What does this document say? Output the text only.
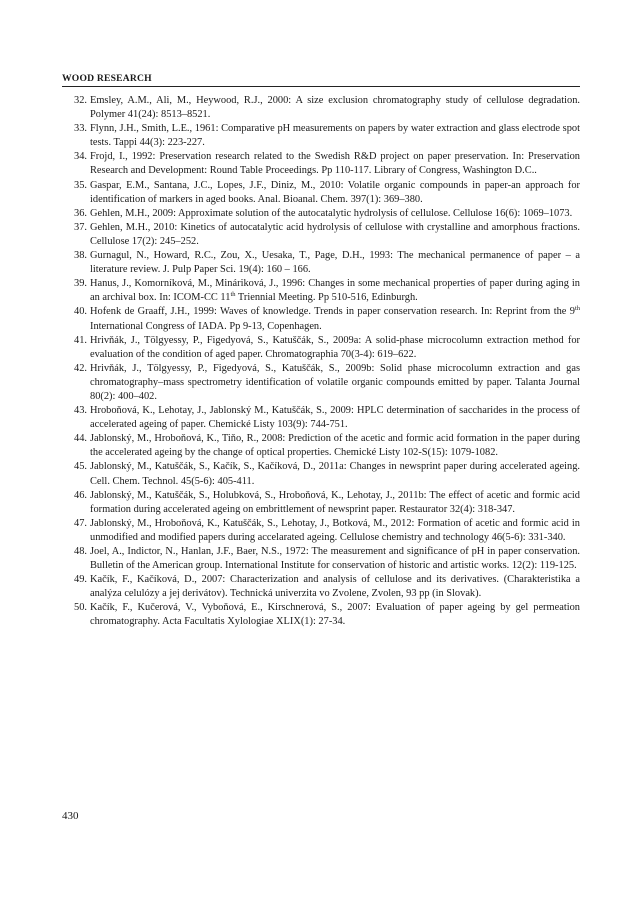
WOOD RESEARCH
32. Emsley, A.M., Ali, M., Heywood, R.J., 2000: A size exclusion chromatography study of cellulose degradation. Polymer 41(24): 8513–8521.
33. Flynn, J.H., Smith, L.E., 1961: Comparative pH measurements on papers by water extraction and glass electrode spot tests. Tappi 44(3): 223-227.
34. Frojd, I., 1992: Preservation research related to the Swedish R&D project on paper preservation. In: Preservation Research and Development: Round Table Proceedings. Pp 110-117. Library of Congress, Washington D.C..
35. Gaspar, E.M., Santana, J.C., Lopes, J.F., Diniz, M., 2010: Volatile organic compounds in paper-an approach for identification of markers in aged books. Anal. Bioanal. Chem. 397(1): 369–380.
36. Gehlen, M.H., 2009: Approximate solution of the autocatalytic hydrolysis of cellulose. Cellulose 16(6): 1069–1073.
37. Gehlen, M.H., 2010: Kinetics of autocatalytic acid hydrolysis of cellulose with crystalline and amorphous fractions. Cellulose 17(2): 245–252.
38. Gurnagul, N., Howard, R.C., Zou, X., Uesaka, T., Page, D.H., 1993: The mechanical permanence of paper – a literature review. J. Pulp Paper Sci. 19(4): 160 – 166.
39. Hanus, J., Komorníková, M., Mináriková, J., 1996: Changes in some mechanical properties of paper during aging in an archival box. In: ICOM-CC 11th Triennial Meeting. Pp 510-516, Edinburgh.
40. Hofenk de Graaff, J.H., 1999: Waves of knowledge. Trends in paper conservation research. In: Reprint from the 9th International Congress of IADA. Pp 9-13, Copenhagen.
41. Hrivňák, J., Tölgyessy, P., Figedyová, S., Katuščák, S., 2009a: A solid-phase microcolumn extraction method for evaluation of the condition of aged paper. Chromatographia 70(3-4): 619–622.
42. Hrivňák, J., Tölgyessy, P., Figedyová, S., Katuščák, S., 2009b: Solid phase microcolumn extraction and gas chromatography–mass spectrometry identification of volatile organic compounds emitted by paper. Talanta Journal 80(2): 400–402.
43. Hroboňová, K., Lehotay, J., Jablonský M., Katuščák, S., 2009: HPLC determination of saccharides in the process of accelerated ageing of paper. Chemické Listy 103(9): 744-751.
44. Jablonský, M., Hroboňová, K., Tiňo, R., 2008: Prediction of the acetic and formic acid formation in the paper during the accelerated ageing by the change of optical properties. Chemické Listy 102-S(15): 1079-1082.
45. Jablonský, M., Katuščák, S., Kačík, S., Kačíková, D., 2011a: Changes in newsprint paper during accelerated ageing. Cell. Chem. Technol. 45(5-6): 405-411.
46. Jablonský, M., Katuščák, S., Holubková, S., Hroboňová, K., Lehotay, J., 2011b: The effect of acetic and formic acid formation during accelerated ageing on embrittlement of newsprint paper. Restaurator 32(4): 318-347.
47. Jablonský, M., Hroboňová, K., Katuščák, S., Lehotay, J., Botková, M., 2012: Formation of acetic and formic acid in unmodified and modified papers during accelarated ageing. Cellulose chemistry and technology 46(5-6): 331-340.
48. Joel, A., Indictor, N., Hanlan, J.F., Baer, N.S., 1972: The measurement and significance of pH in paper conservation. Bulletin of the American group. International Institute for conservation of historic and artistic works. 12(2): 119-125.
49. Kačík, F., Kačíková, D., 2007: Characterization and analysis of cellulose and its derivatives. (Charakteristika a analýza celulózy a jej derivátov). Technická univerzita vo Zvolene, Zvolen, 93 pp (in Slovak).
50. Kačík, F., Kučerová, V., Vyboňová, E., Kirschnerová, S., 2007: Evaluation of paper ageing by gel permeation chromatography. Acta Facultatis Xylologiae XLIX(1): 27-34.
430
